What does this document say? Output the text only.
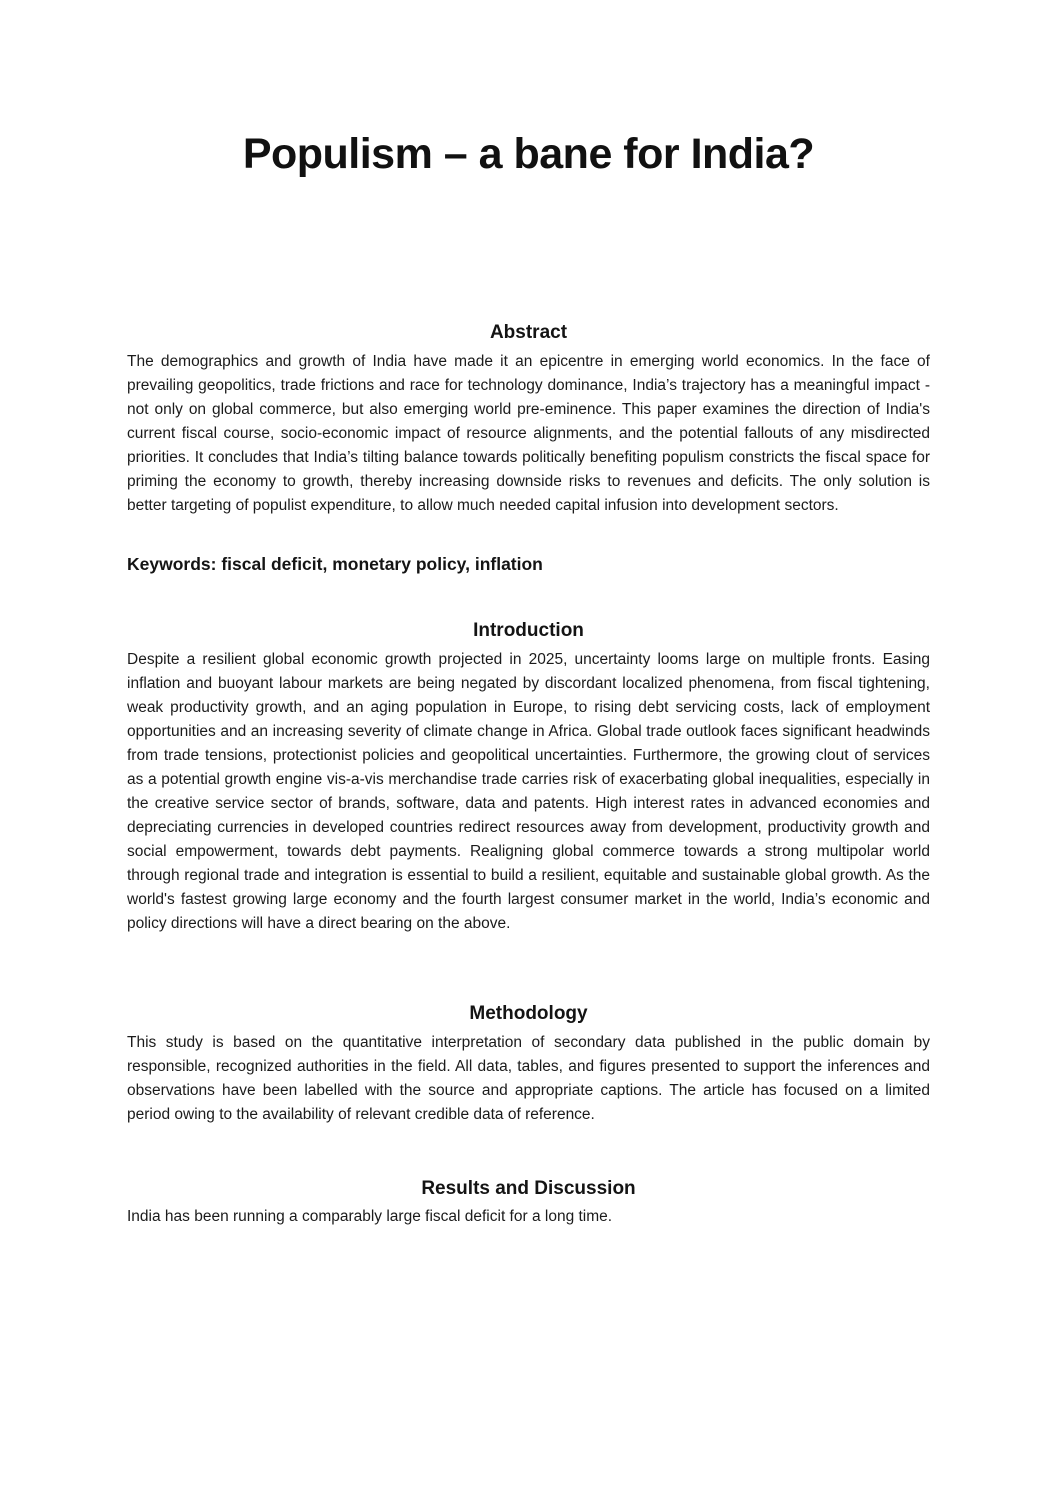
Populism – a bane for India?
Abstract

The demographics and growth of India have made it an epicentre in emerging world economics. In the face of prevailing geopolitics, trade frictions and race for technology dominance, India’s trajectory has a meaningful impact - not only on global commerce, but also emerging world pre-eminence. This paper examines the direction of India's current fiscal course, socio-economic impact of resource alignments, and the potential fallouts of any misdirected priorities. It concludes that India’s tilting balance towards politically benefiting populism constricts the fiscal space for priming the economy to growth, thereby increasing downside risks to revenues and deficits. The only solution is better targeting of populist expenditure, to allow much needed capital infusion into development sectors.

Keywords: fiscal deficit, monetary policy, inflation
Introduction

Despite a resilient global economic growth projected in 2025, uncertainty looms large on multiple fronts. Easing inflation and buoyant labour markets are being negated by discordant localized phenomena, from fiscal tightening, weak productivity growth, and an aging population in Europe, to rising debt servicing costs, lack of employment opportunities and an increasing severity of climate change in Africa. Global trade outlook faces significant headwinds from trade tensions, protectionist policies and geopolitical uncertainties. Furthermore, the growing clout of services as a potential growth engine vis-a-vis merchandise trade carries risk of exacerbating global inequalities, especially in the creative service sector of brands, software, data and patents. High interest rates in advanced economies and depreciating currencies in developed countries redirect resources away from development, productivity growth and social empowerment, towards debt payments. Realigning global commerce towards a strong multipolar world through regional trade and integration is essential to build a resilient, equitable and sustainable global growth. As the world's fastest growing large economy and the fourth largest consumer market in the world, India’s economic and policy directions will have a direct bearing on the above.

Methodology

This study is based on the quantitative interpretation of secondary data published in the public domain by responsible, recognized authorities in the field. All data, tables, and figures presented to support the inferences and observations have been labelled with the source and appropriate captions. The article has focused on a limited period owing to the availability of relevant credible data of reference.

Results and Discussion

India has been running a comparably large fiscal deficit for a long time.
